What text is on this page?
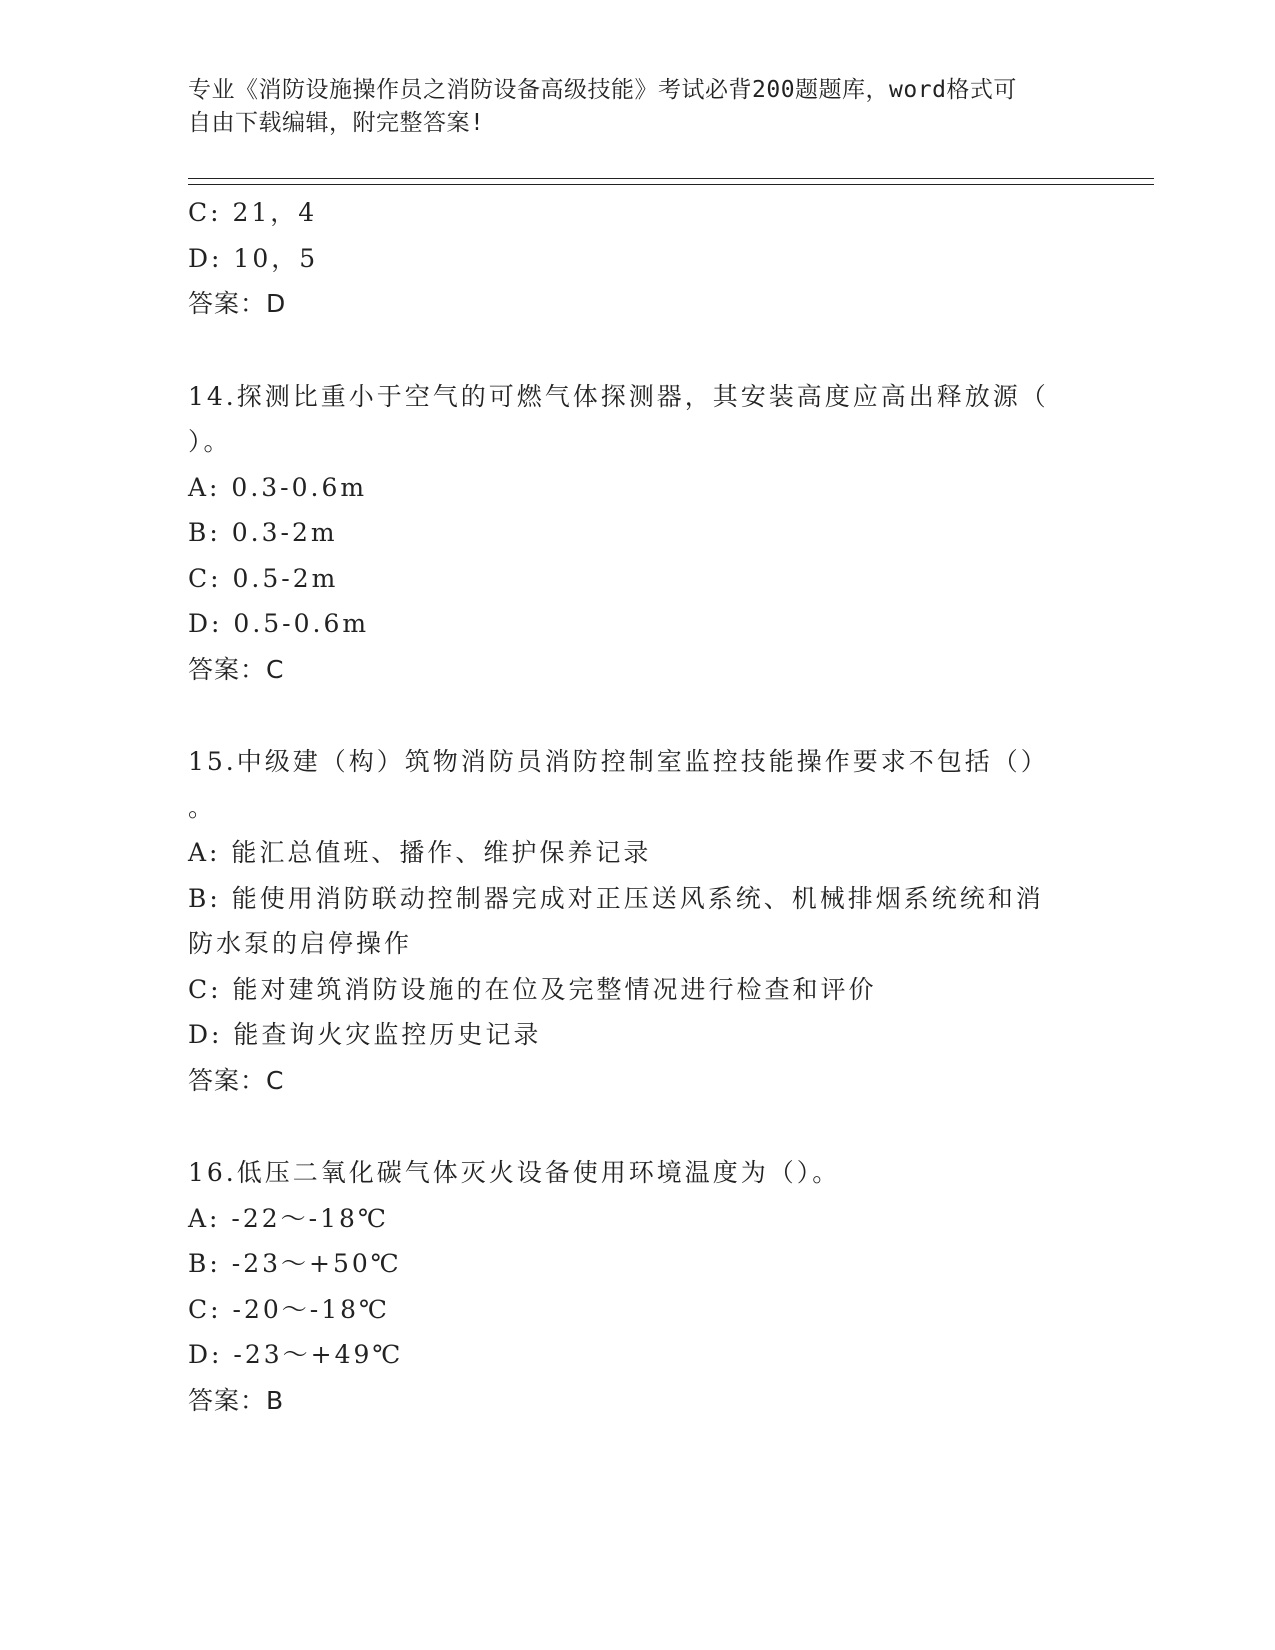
专业《消防设施操作员之消防设备高级技能》考试必背200题题库，word格式可
自由下载编辑，附完整答案!
C: 21，4
D: 10，5
答案：D
14.探测比重小于空气的可燃气体探测器，其安装高度应高出释放源（
）。
A: 0.3-0.6m
B: 0.3-2m
C: 0.5-2m
D: 0.5-0.6m
答案：C
15.中级建（构）筑物消防员消防控制室监控技能操作要求不包括（）
。
A: 能汇总值班、播作、维护保养记录
B: 能使用消防联动控制器完成对正压送风系统、机械排烟系统统和消
防水泵的启停操作
C: 能对建筑消防设施的在位及完整情况进行检查和评价
D: 能查询火灾监控历史记录
答案：C
16.低压二氧化碳气体灭火设备使用环境温度为（）。
A: -22～-18℃
B: -23～+50℃
C: -20～-18℃
D: -23～+49℃
答案：B
